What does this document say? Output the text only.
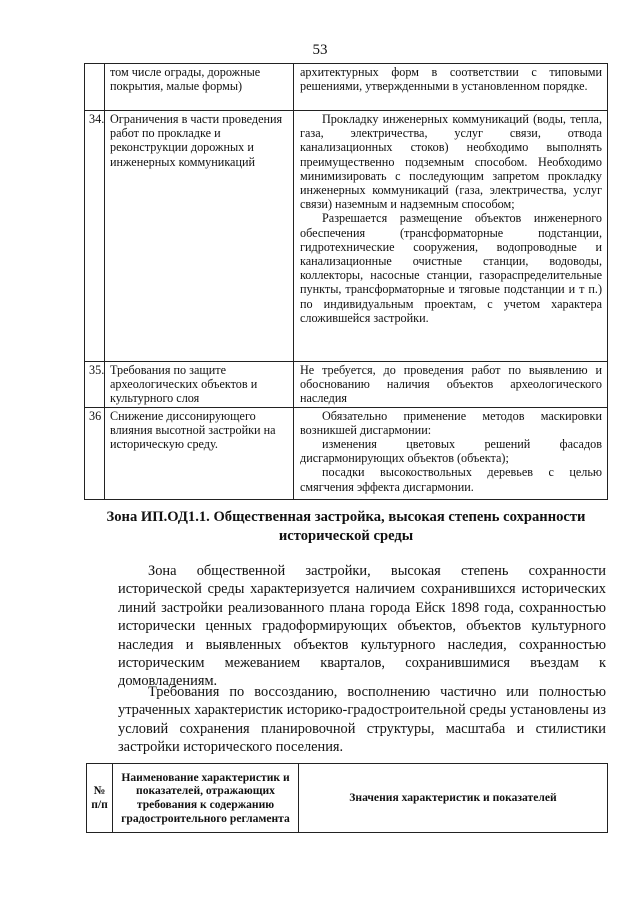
53
	том числе ограды, дорожные покрытия, малые формы)	архитектурных форм в соответствии с типовыми решениями, утвержденными в установленном порядке.

34.	Ограничения в части проведения работ по прокладке и реконструкции дорожных и инженерных коммуникаций	Прокладку инженерных коммуникаций (воды, тепла, газа, электричества, услуг связи, отвода канализационных стоков) необходимо выполнять преимущественно подземным способом. Необходимо минимизировать с последующим запретом прокладку инженерных коммуникаций (газа, электричества, услуг связи) наземным и надземным способом;

Разрешается размещение объектов инженерного обеспечения (трансформаторные подстанции, гидротехнические сооружения, водопроводные и канализационные очистные станции, водоводы, коллекторы, насосные станции, газораспределительные пункты, трансформаторные и тяговые подстанции и т п.) по индивидуальным проектам, с учетом характера сложившейся застройки.

35.	Требования по защите археологических объектов и культурного слоя	Не требуется, до проведения работ по выявлению и обоснованию наличия объектов археологического наследия

36	Снижение диссонирующего влияния высотной застройки на историческую среду.	Обязательно применение методов маскировки возникшей дисгармонии:

изменения цветовых решений фасадов дисгармонирующих объектов (объекта);

посадки высокоствольных деревьев с целью смягчения эффекта дисгармонии.

Зона ИП.ОД1.1. Общественная застройка, высокая степень сохранности исторической среды

Зона общественной застройки, высокая степень сохранности исторической среды характеризуется наличием сохранившихся исторических линий застройки реализованного плана города Ейск 1898 года, сохранностью исторически ценных градоформирующих объектов, объектов культурного наследия и выявленных объектов культурного наследия, сохранностью историческим межеванием кварталов, сохранившимися въездам к домовладениям.

Требования по воссозданию, восполнению частично или полностью утраченных характеристик историко-градостроительной среды установлены из условий сохранения планировочной структуры, масштаба и стилистики застройки исторического поселения.

№ п/п	Наименование характеристик и показателей, отражающих требования к содержанию градостроительного регламента	Значения характеристик и показателей
